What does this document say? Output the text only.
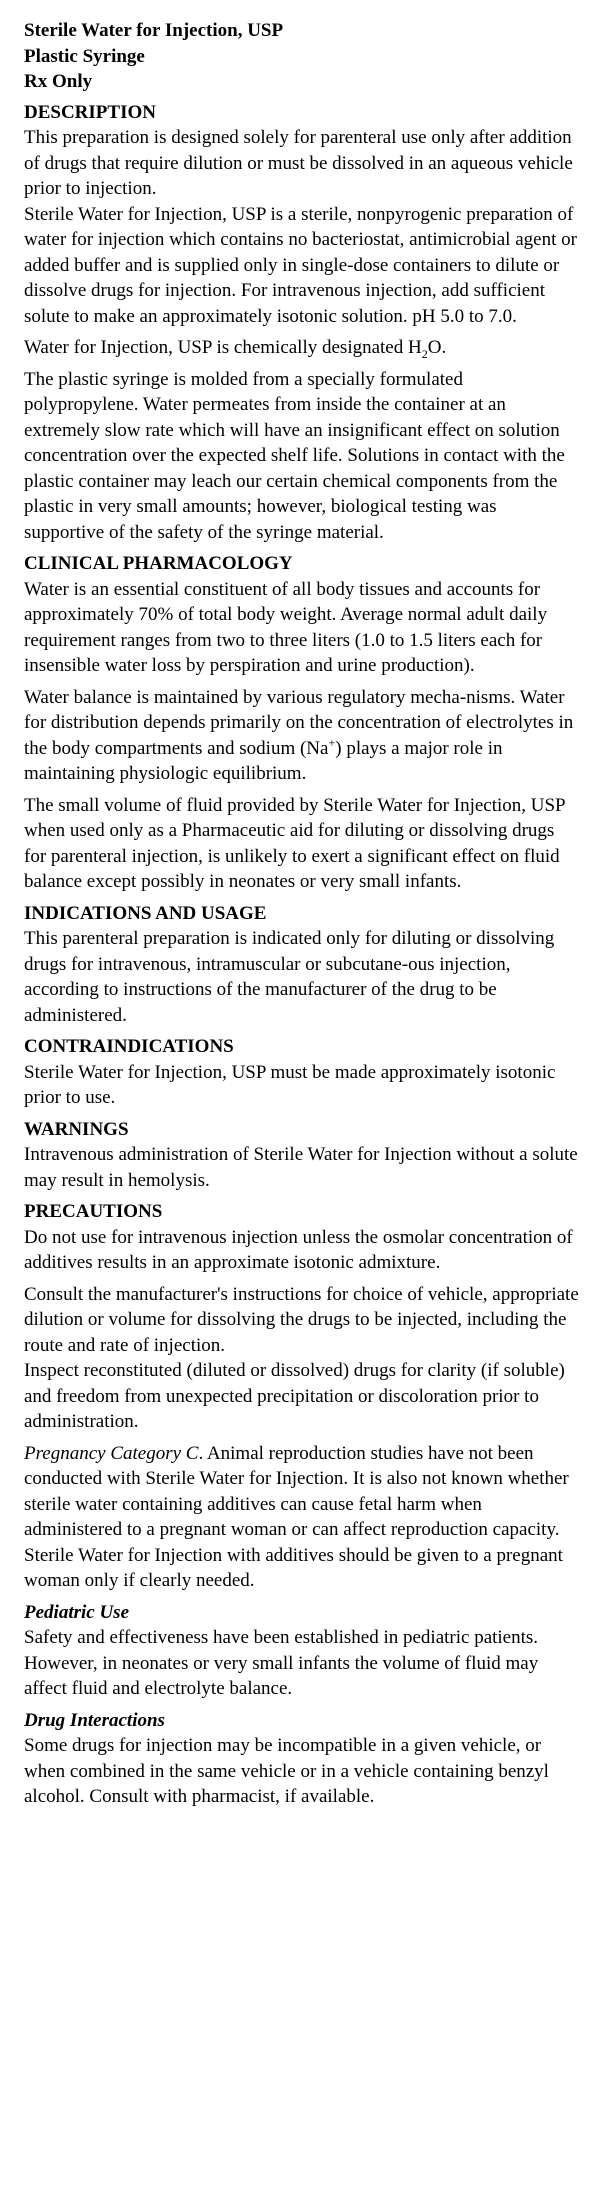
Sterile Water for Injection, USP
Plastic Syringe
Rx Only
DESCRIPTION

This preparation is designed solely for parenteral use only after addition of drugs that require dilution or must be dissolved in an aqueous vehicle prior to injection.

Sterile Water for Injection, USP is a sterile, nonpyrogenic preparation of water for injection which contains no bacteriostat, antimicrobial agent or added buffer and is supplied only in single-dose containers to dilute or dissolve drugs for injection. For intravenous injection, add sufficient solute to make an approximately isotonic solution. pH 5.0 to 7.0.

Water for Injection, USP is chemically designated $H_2O$.

The plastic syringe is molded from a specially formulated polypropylene. Water permeates from inside the container at an extremely slow rate which will have an insignificant effect on solution concentration over the expected shelf life. Solutions in contact with the plastic container may leach our certain chemical components from the plastic in very small amounts; however, biological testing was supportive of the safety of the syringe material.

CLINICAL PHARMACOLOGY

Water is an essential constituent of all body tissues and accounts for approximately 70% of total body weight. Average normal adult daily requirement ranges from two to three liters (1.0 to 1.5 liters each for insensible water loss by perspiration and urine production).

Water balance is maintained by various regulatory mecha-nisms. Water for distribution depends primarily on the concentration of electrolytes in the body compartments and sodium (Na+) plays a major role in maintaining physiologic equilibrium.

The small volume of fluid provided by Sterile Water for Injection, USP when used only as a Pharmaceutic aid for diluting or dissolving drugs for parenteral injection, is unlikely to exert a significant effect on fluid balance except possibly in neonates or very small infants.

INDICATIONS AND USAGE

This parenteral preparation is indicated only for diluting or dissolving drugs for intravenous, intramuscular or subcutane-ous injection, according to instructions of the manufacturer of the drug to be administered.

CONTRAINDICATIONS

Sterile Water for Injection, USP must be made approximately isotonic prior to use.

WARNINGS

Intravenous administration of Sterile Water for Injection without a solute may result in hemolysis.

PRECAUTIONS

Do not use for intravenous injection unless the osmolar concentration of additives results in an approximate isotonic admixture.

Consult the manufacturer's instructions for choice of vehicle, appropriate dilution or volume for dissolving the drugs to be injected, including the route and rate of injection.

Inspect reconstituted (diluted or dissolved) drugs for clarity (if soluble) and freedom from unexpected precipitation or discoloration prior to administration.

Pregnancy Category C. Animal reproduction studies have not been conducted with Sterile Water for Injection. It is also not known whether sterile water containing additives can cause fetal harm when administered to a pregnant woman or can affect reproduction capacity. Sterile Water for Injection with additives should be given to a pregnant woman only if clearly needed.

Pediatric Use

Safety and effectiveness have been established in pediatric patients. However, in neonates or very small infants the volume of fluid may affect fluid and electrolyte balance.

Drug Interactions

Some drugs for injection may be incompatible in a given vehicle, or when combined in the same vehicle or in a vehicle containing benzyl alcohol. Consult with pharmacist, if available.
